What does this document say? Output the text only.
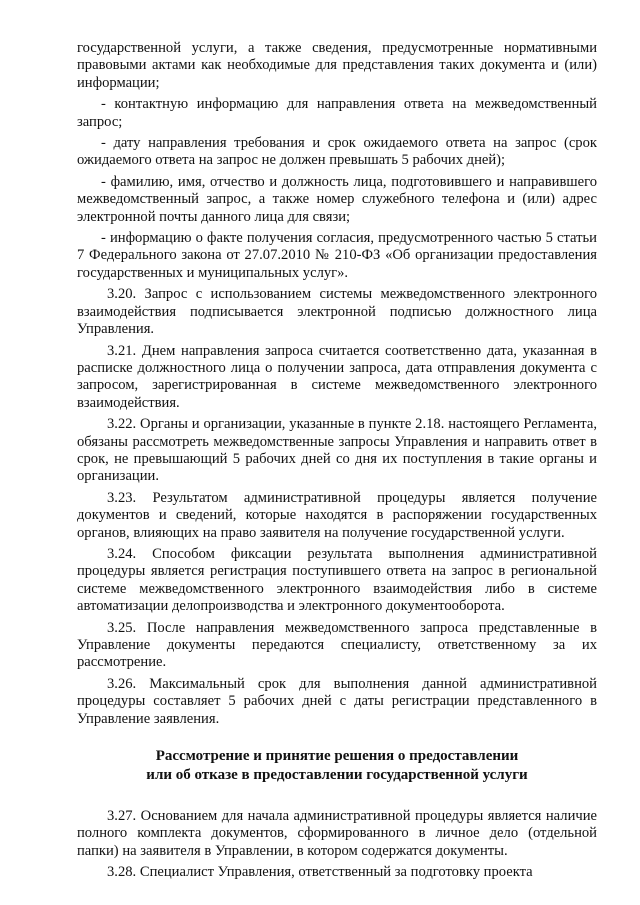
государственной услуги, а также сведения, предусмотренные нормативными правовыми актами как необходимые для представления таких документа и (или) информации;

- контактную информацию для направления ответа на межведомственный запрос;

- дату направления требования и срок ожидаемого ответа на запрос (срок ожидаемого ответа на запрос не должен превышать 5 рабочих дней);

- фамилию, имя, отчество и должность лица, подготовившего и направившего межведомственный запрос, а также номер служебного телефона и (или) адрес электронной почты данного лица для связи;

- информацию о факте получения согласия, предусмотренного частью 5 статьи 7 Федерального закона от 27.07.2010 № 210-ФЗ «Об организации предоставления государственных и муниципальных услуг».

3.20. Запрос с использованием системы межведомственного электронного взаимодействия подписывается электронной подписью должностного лица Управления.

3.21. Днем направления запроса считается соответственно дата, указанная в расписке должностного лица о получении запроса, дата отправления документа с запросом, зарегистрированная в системе межведомственного электронного взаимодействия.

3.22. Органы и организации, указанные в пункте 2.18. настоящего Регламента, обязаны рассмотреть межведомственные запросы Управления и направить ответ в срок, не превышающий 5 рабочих дней со дня их поступления в такие органы и организации.

3.23. Результатом административной процедуры является получение документов и сведений, которые находятся в распоряжении государственных органов, влияющих на право заявителя на получение государственной услуги.

3.24. Способом фиксации результата выполнения административной процедуры является регистрация поступившего ответа на запрос в региональной системе межведомственного электронного взаимодействия либо в системе автоматизации делопроизводства и электронного документооборота.

3.25. После направления межведомственного запроса представленные в Управление документы передаются специалисту, ответственному за их рассмотрение.

3.26. Максимальный срок для выполнения данной административной процедуры составляет 5 рабочих дней с даты регистрации представленного в Управление заявления.

Рассмотрение и принятие решения о предоставлении
или об отказе в предоставлении государственной услуги

3.27. Основанием для начала административной процедуры является наличие полного комплекта документов, сформированного в личное дело (отдельной папки) на заявителя в Управлении, в котором содержатся документы.

3.28. Специалист Управления, ответственный за подготовку проекта
